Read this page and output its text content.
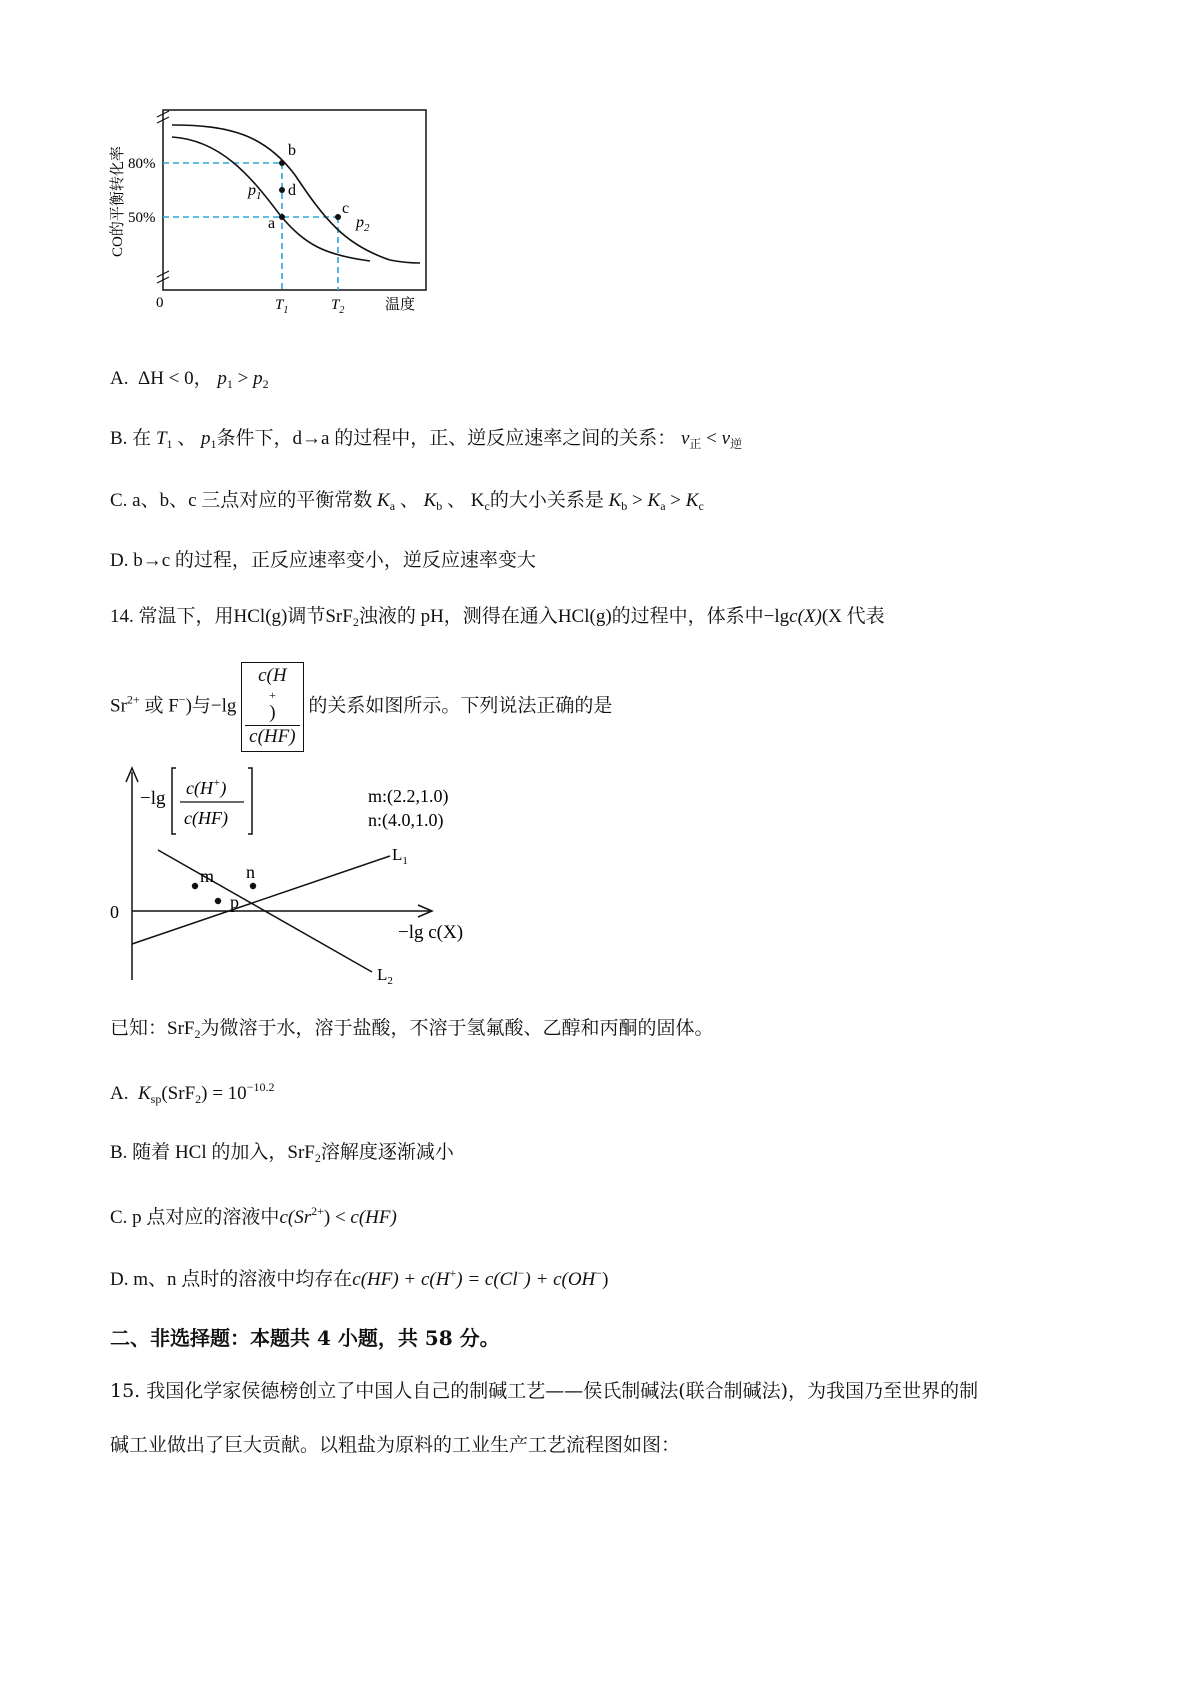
b
d
a
c
$p_1$
$p_2$
80%
50%
0	$T_1$	$T_2$	温度
CO的平衡转化率
A. ΔH < 0， $p_1 > p_2$
B. 在 $T_1$ 、 $p_1$条件下，d→a 的过程中，正、逆反应速率之间的关系： $v_正 < v_逆$
C. a、b、c 三点对应的平衡常数 $K_a$ 、 $K_b$ 、 $K_c$的大小关系是 $K_b > K_a > K_c$
D. b→c 的过程，正反应速率变小，逆反应速率变大
14. 常温下，用HCl(g)调节SrF$_2$浊液的 pH，测得在通入HCl(g)的过程中，体系中−lgc(X)(X 代表
$Sr^{2+}$ 或 F−)与−lg c(H
+
)
c(HF) 的关系如图所示。下列说法正确的是
m n
p
$L_1$
$L_2$
0
−lg c(X)
m:(2.2,1.0)
n:(4.0,1.0)
−lg c(H+)
c(HF)
已知：SrF$_2$为微溶于水，溶于盐酸，不溶于氢氟酸、乙醇和丙酮的固体。
A. $K_{sp}(SrF_2) = 10^{-10.2}$
B. 随着 HCl 的加入，SrF$_2$溶解度逐渐减小
C. p 点对应的溶液中$c(Sr^{2+}) < c(HF)$
D. m、n 点时的溶液中均存在c(HF) + c(H+) = c(Cl−) + c(OH−)
二、非选择题：本题共 4 小题，共 58 分。
15. 我国化学家侯德榜创立了中国人自己的制碱工艺——侯氏制碱法(联合制碱法)，为我国乃至世界的制
碱工业做出了巨大贡献。以粗盐为原料的工业生产工艺流程图如图：
